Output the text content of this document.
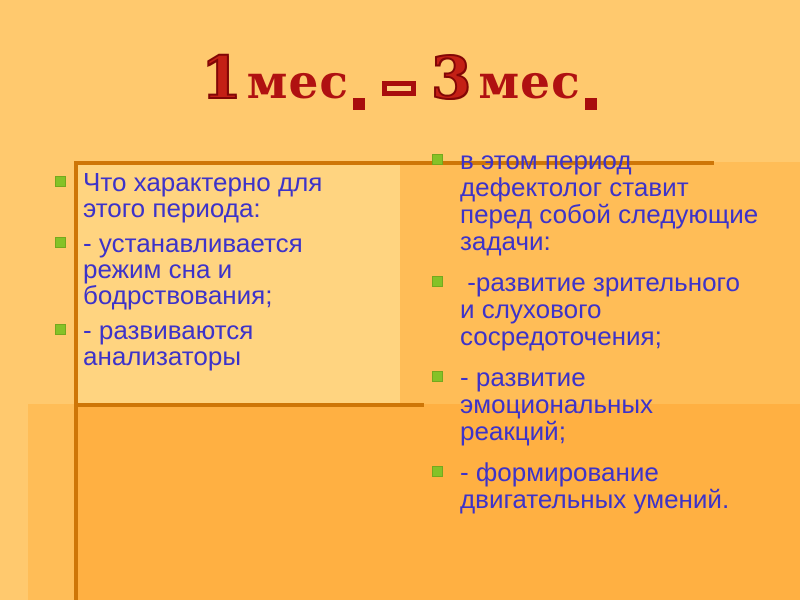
1мес 3 мес
Что характерно для
этого периода:
- устанавливается
режим сна и
бодрствования;
- развиваются
анализаторы
в этом период
дефектолог ставит
перед собой следующие
задачи:
-развитие зрительного
и слухового
сосредоточения;
- развитие
эмоциональных
реакций;
- формирование
двигательных умений.
